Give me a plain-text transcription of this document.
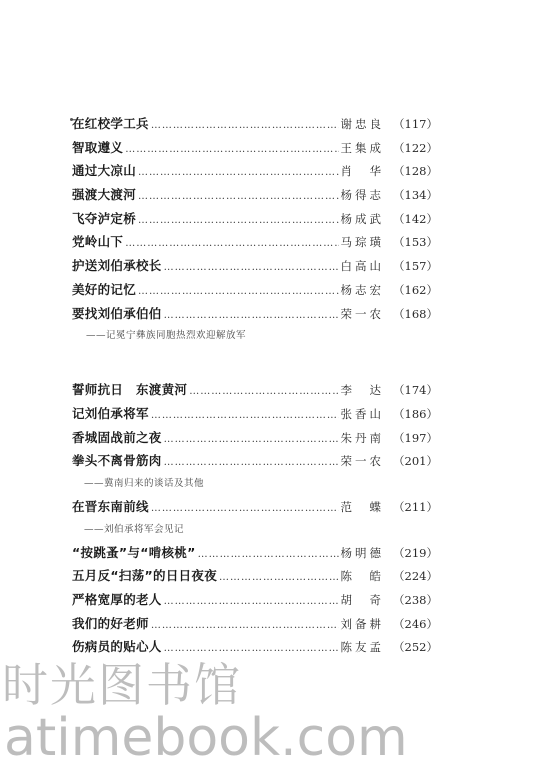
在红校学工兵 ………………………………………………………………………………………………………	谢忠良 （117）
智取遵义 ………………………………………………………………………………………………………	王集成 （122）
通过大凉山 ………………………………………………………………………………………………………	肖　华 （128）
强渡大渡河 ………………………………………………………………………………………………………	杨得志 （134）
飞夺泸定桥 ………………………………………………………………………………………………………	杨成武 （142）
党岭山下 ………………………………………………………………………………………………………	马琮璜 （153）
护送刘伯承校长 ………………………………………………………………………………………………………	白高山 （157）
美好的记忆 ………………………………………………………………………………………………………	杨志宏 （162）
要找刘伯承伯伯 ………………………………………………………………………………………………………	荣一农 （168）
——记冕宁彝族同胞热烈欢迎解放军
誓师抗日　东渡黄河 ………………………………………………………………………………………………………	李　达 （174）
记刘伯承将军 ………………………………………………………………………………………………………	张香山 （186）
香城固战前之夜 ………………………………………………………………………………………………………	朱丹南 （197）
拳头不离骨筋肉 ………………………………………………………………………………………………………	荣一农 （201）
——冀南归来的谈话及其他
在晋东南前线 ………………………………………………………………………………………………………	范　蝶 （211）
——刘伯承将军会见记
“按跳蚤”与“啃核桃” ………………………………………………………………………………………………………	杨明德 （219）
五月反“扫荡”的日日夜夜 ………………………………………………………………………………………………………	陈　皓 （224）
严格宽厚的老人 ………………………………………………………………………………………………………	胡　奇 （238）
我们的好老师 ………………………………………………………………………………………………………	刘备耕 （246）
伤病员的贴心人 ………………………………………………………………………………………………………	陈友孟 （252）
时光图书馆
atimebook.com
